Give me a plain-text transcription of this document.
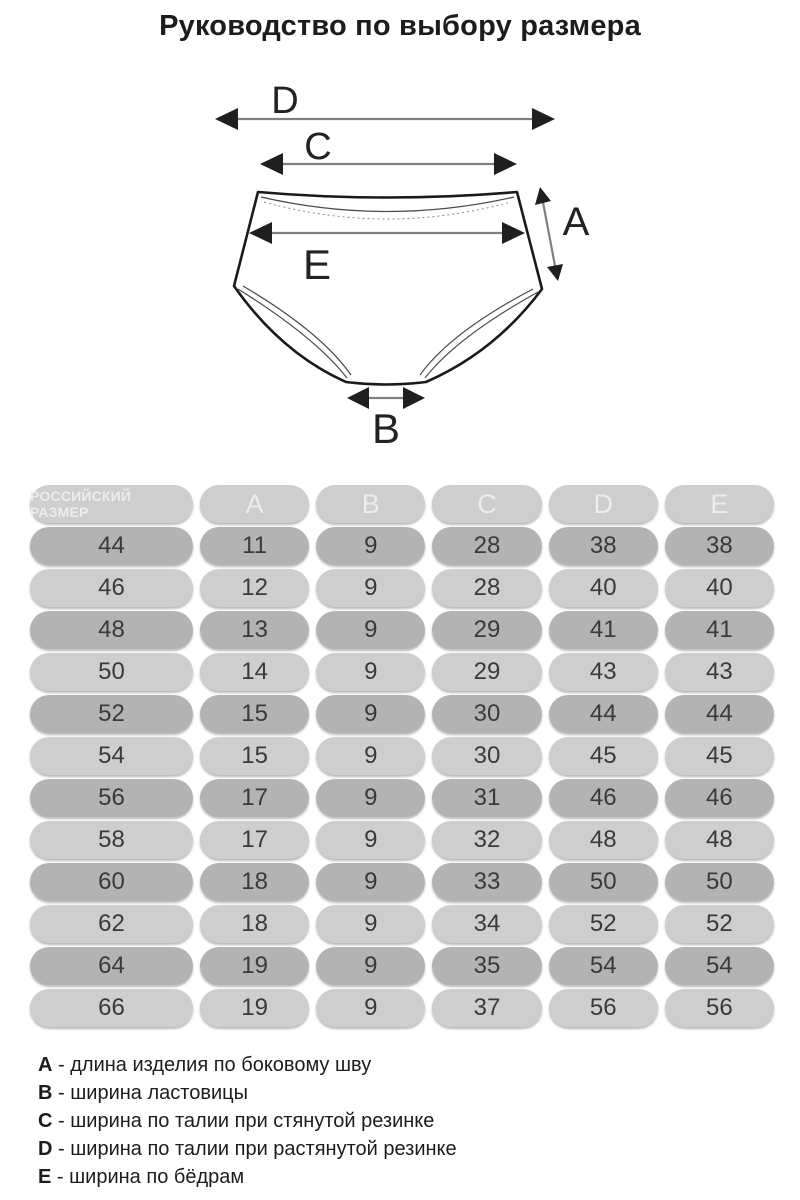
Руководство по выбору размера
D
C
E
A
B
РОССИЙСКИЙ РАЗМЕР	A	B	C	D	E
44	11	9	28	38	38
46	12	9	28	40	40
48	13	9	29	41	41
50	14	9	29	43	43
52	15	9	30	44	44
54	15	9	30	45	45
56	17	9	31	46	46
58	17	9	32	48	48
60	18	9	33	50	50
62	18	9	34	52	52
64	19	9	35	54	54
66	19	9	37	56	56
A - длина изделия по боковому шву
B - ширина ластовицы
C - ширина по талии при стянутой резинке
D - ширина по талии при растянутой резинке
E - ширина по бёдрам
